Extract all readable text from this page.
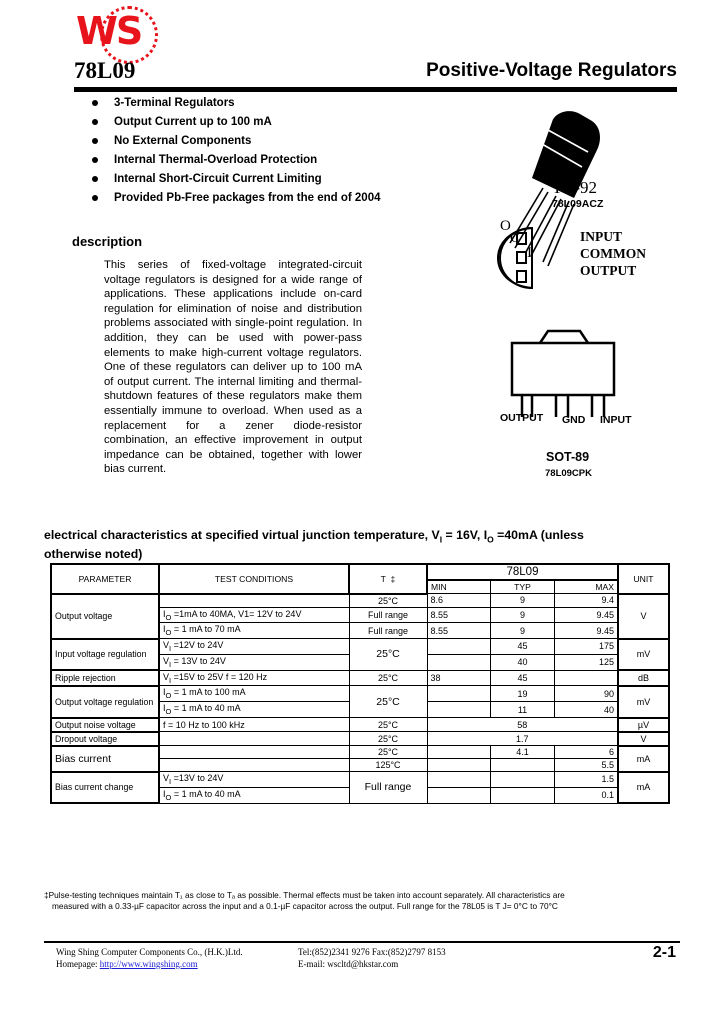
WS
78L09	Positive-Voltage Regulators
3-Terminal Regulators
Output Current up to 100 mA
No External Components
Internal Thermal-Overload Protection
Internal Short-Circuit Current Limiting
Provided Pb-Free packages from the end of 2004
description
This series of fixed-voltage integrated-circuit voltage regulators is designed for a wide range of applications. These applications include on-card regulation for elimination of noise and distribution problems associated with single-point regulation. In addition, they can be used with power-pass elements to make high-current voltage regulators. One of these regulators can deliver up to 100 mA of output current. The internal limiting and thermal-shutdown features of these regulators make them essentially immune to overload. When used as a replacement for a zener diode-resistor combination, an effective improvement in output impedance can be obtained, together with lower bias current.
O
C
I
TO-92
78L09ACZ
INPUT
COMMON
OUTPUT
OUTPUT GND INPUT
SOT-89
78L09CPK
electrical characteristics at specified virtual junction temperature, $V_I = 16V$, $I_O =40mA$ (unless
otherwise noted)
PARAMETER	TEST CONDITIONS	T  ‡	78L09			UNIT
			MIN	TYP	MAX	
Output voltage		25°C	8.6	9	9.4	V
	$I_O =1mA$ to 40MA, V1= 12V to 24V	Full range	8.55	9	9.45	
	$I_O = 1$ mA to 70 mA	Full range	8.55	9	9.45	
Input voltage regulation	$V_I =12V$ to 24V	25°C		45	175	mV
	$V_I = 13V$ to 24V			40	125	
Ripple rejection	$V_I =15V$ to 25V f = 120 Hz	25°C	38	45		dB
Output voltage regulation	$I_O = 1$ mA to 100 mA	25°C		19	90	mV
	$I_O = 1$ mA to 40 mA			11	40	
Output noise voltage	f = 10 Hz to 100 kHz	25°C	58			µV
Dropout voltage		25°C	1.7			V
Bias current		25°C		4.1	6	mA
		125°C			5.5	
Bias current change	$V_I =13V$ to 24V	Full range			1.5	mA
	$I_O = 1$ mA to 40 mA				0.1	
‡Pulse-testing techniques maintain T₁ as close to Tₐ as possible. Thermal effects must be taken into account separately. All characteristics are
measured with a 0.33-µF capacitor across the input and a 0.1-µF capacitor across the output. Full range for the 78L05 is T J= 0°C to 70°C
Wing Shing Computer Components Co., (H.K.)Ltd.
Homepage: http://www.wingshing.com
Tel:(852)2341 9276 Fax:(852)2797 8153
E-mail: wscltd@hkstar.com
2-1
